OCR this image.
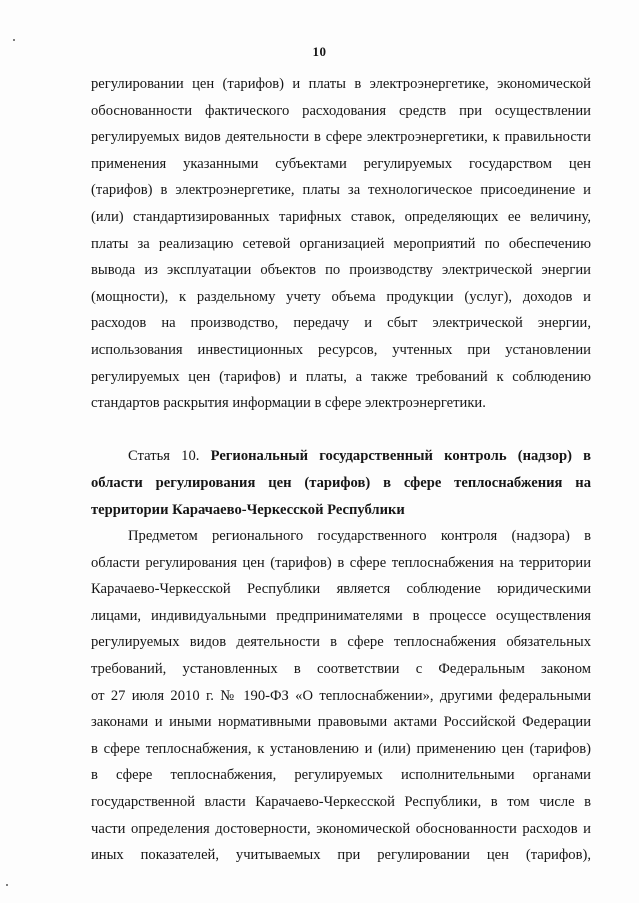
10
регулировании цен (тарифов) и платы в электроэнергетике, экономической
обоснованности фактического расходования средств при осуществлении
регулируемых видов деятельности в сфере электроэнергетики, к правильности
применения указанными субъектами регулируемых государством цен
(тарифов) в электроэнергетике, платы за технологическое присоединение и
(или) стандартизированных тарифных ставок, определяющих ее величину,
платы за реализацию сетевой организацией мероприятий по обеспечению
вывода из эксплуатации объектов по производству электрической энергии
(мощности), к раздельному учету объема продукции (услуг), доходов и
расходов на производство, передачу и сбыт электрической энергии,
использования инвестиционных ресурсов, учтенных при установлении
регулируемых цен (тарифов) и платы, а также требований к соблюдению
стандартов раскрытия информации в сфере электроэнергетики.
Статья 10. Региональный государственный контроль (надзор) в
области регулирования цен (тарифов) в сфере теплоснабжения на
территории Карачаево-Черкесской Республики
Предметом регионального государственного контроля (надзора) в
области регулирования цен (тарифов) в сфере теплоснабжения на территории
Карачаево-Черкесской Республики является соблюдение юридическими
лицами, индивидуальными предпринимателями в процессе осуществления
регулируемых видов деятельности в сфере теплоснабжения обязательных
требований, установленных в соответствии с Федеральным законом
от 27 июля 2010 г. № 190-ФЗ «О теплоснабжении», другими федеральными
законами и иными нормативными правовыми актами Российской Федерации
в сфере теплоснабжения, к установлению и (или) применению цен (тарифов)
в сфере теплоснабжения, регулируемых исполнительными органами
государственной власти Карачаево-Черкесской Республики, в том числе в
части определения достоверности, экономической обоснованности расходов и
иных показателей, учитываемых при регулировании цен (тарифов),
